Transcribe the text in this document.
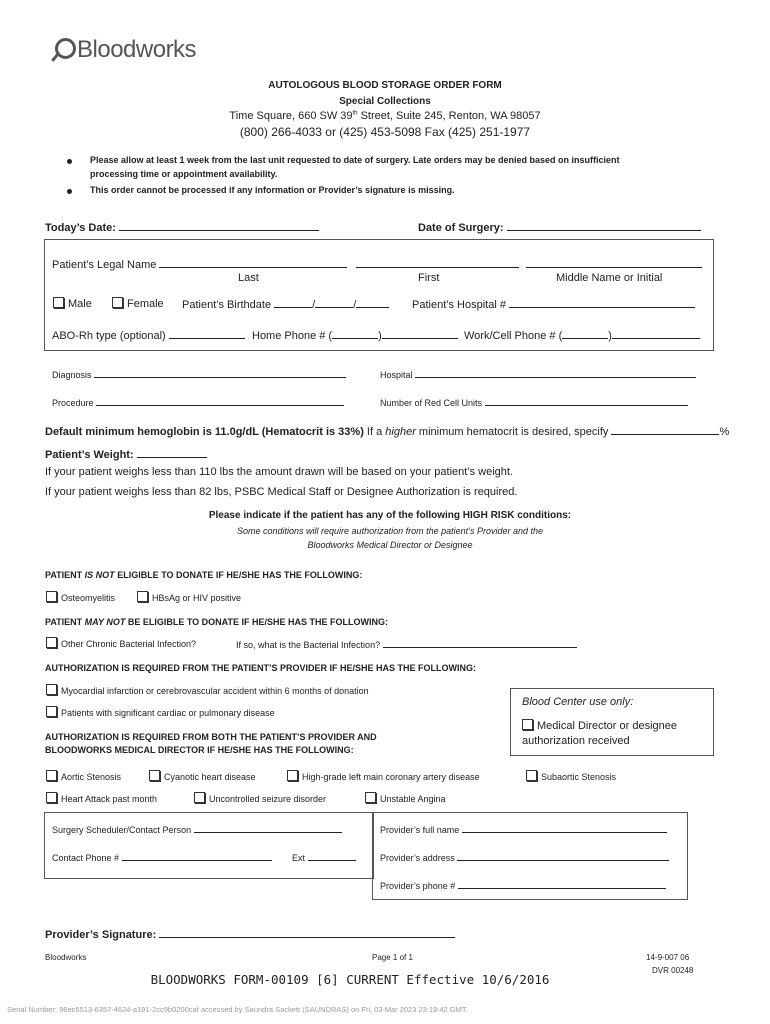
Bloodworks
AUTOLOGOUS BLOOD STORAGE ORDER FORM
Special Collections
Time Square, 660 SW 39th Street, Suite 245, Renton, WA 98057
(800) 266-4033 or (425) 453-5098 Fax (425) 251-1977
Please allow at least 1 week from the last unit requested to date of surgery. Late orders may be denied based on insufficient
processing time or appointment availability.
This order cannot be processed if any information or Provider’s signature is missing.
Today’s Date:	Date of Surgery:
Patient’s Legal Name
Last	First	Middle Name or Initial
Male	Female Patient’s Birthdate	/	/	Patient’s Hospital #
ABO-Rh type (optional)	Home Phone # (	)	Work/Cell Phone # (	)
Diagnosis	Hospital
Procedure	Number of Red Cell Units
Default minimum hemoglobin is 11.0g/dL (Hematocrit is 33%) If a higher minimum hematocrit is desired, specify	%
Patient’s Weight:
If your patient weighs less than 110 lbs the amount drawn will be based on your patient’s weight.
If your patient weighs less than 82 lbs, PSBC Medical Staff or Designee Authorization is required.
Please indicate if the patient has any of the following HIGH RISK conditions:
Some conditions will require authorization from the patient’s Provider and the
Bloodworks Medical Director or Designee
PATIENT IS NOT ELIGIBLE TO DONATE IF HE/SHE HAS THE FOLLOWING:
Osteomyelitis	HBsAg or HIV positive
PATIENT MAY NOT BE ELIGIBLE TO DONATE IF HE/SHE HAS THE FOLLOWING:
Other Chronic Bacterial Infection?	If so, what is the Bacterial Infection?
AUTHORIZATION IS REQUIRED FROM THE PATIENT’S PROVIDER IF HE/SHE HAS THE FOLLOWING:
Myocardial infarction or cerebrovascular accident within 6 months of donation
Patients with significant cardiac or pulmonary disease
Blood Center use only:
Medical Director or designee
authorization received
AUTHORIZATION IS REQUIRED FROM BOTH THE PATIENT’S PROVIDER AND
BLOODWORKS MEDICAL DIRECTOR IF HE/SHE HAS THE FOLLOWING:
Aortic Stenosis	Cyanotic heart disease	High-grade left main coronary artery disease	Subaortic Stenosis
Heart Attack past month	Uncontrolled seizure disorder	Unstable Angina
Surgery Scheduler/Contact Person
Contact Phone #	Ext
Provider’s full name
Provider’s address
Provider’s phone #
Provider’s Signature:
Bloodworks	Page 1 of 1	14-9-007 06
DVR 00248
BLOODWORKS FORM-00109 [6] CURRENT Effective 10/6/2016
Serial Number: 96ec6513-6357-4624-a191-2cc9b0200caf accessed by Saundra Sackett (SAUNDRAS) on Fri, 03 Mar 2023 23:19:42 GMT.
